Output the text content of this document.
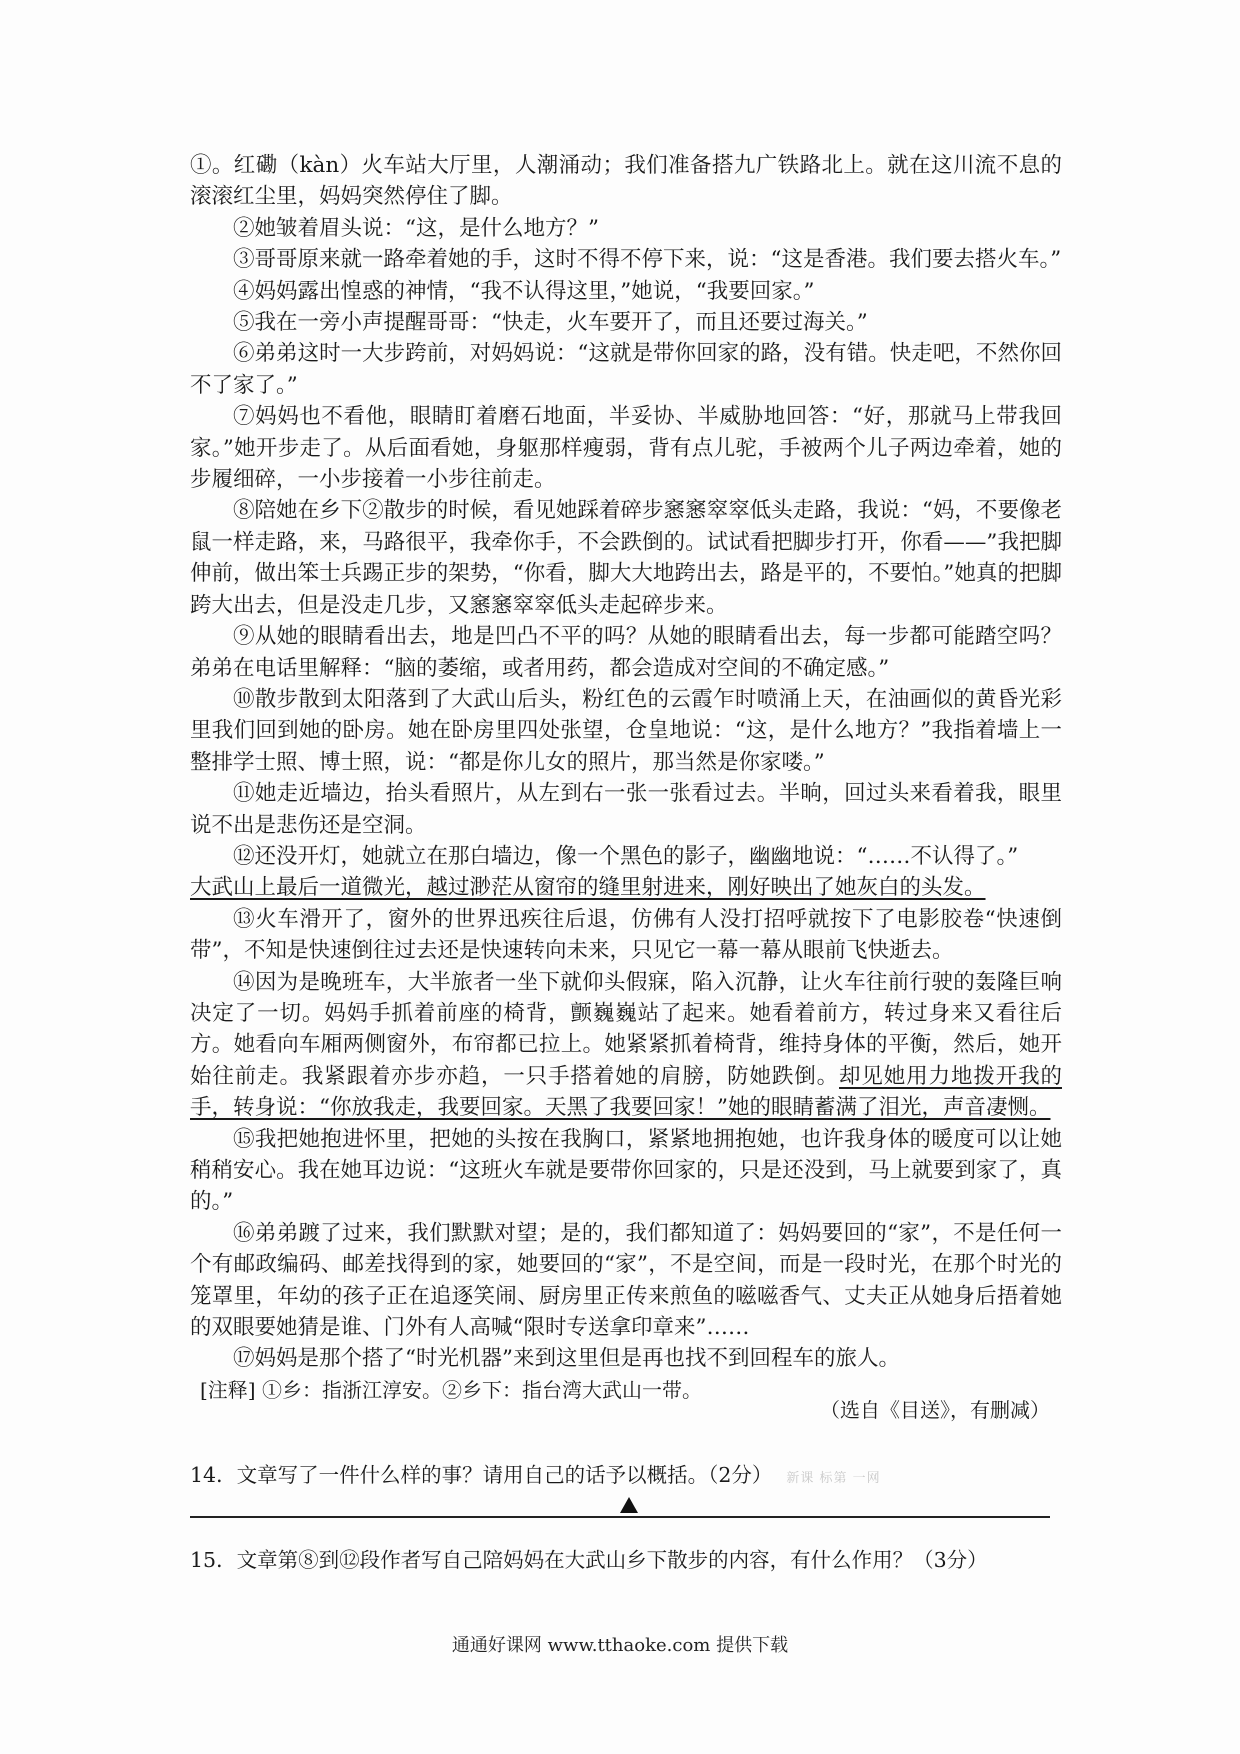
①。红磡（kàn）火车站大厅里，人潮涌动；我们准备搭九广铁路北上。就在这川流不息的滚滚红尘里，妈妈突然停住了脚。

②她皱着眉头说：“这，是什么地方？”

③哥哥原来就一路牵着她的手，这时不得不停下来，说：“这是香港。我们要去搭火车。”

④妈妈露出惶惑的神情，“我不认得这里，”她说，“我要回家。”

⑤我在一旁小声提醒哥哥：“快走，火车要开了，而且还要过海关。”

⑥弟弟这时一大步跨前，对妈妈说：“这就是带你回家的路，没有错。快走吧，不然你回不了家了。”

⑦妈妈也不看他，眼睛盯着磨石地面，半妥协、半威胁地回答：“好，那就马上带我回家。”她开步走了。从后面看她，身躯那样瘦弱，背有点儿驼，手被两个儿子两边牵着，她的步履细碎，一小步接着一小步往前走。

⑧陪她在乡下②散步的时候，看见她踩着碎步窸窸窣窣低头走路，我说：“妈，不要像老鼠一样走路，来，马路很平，我牵你手，不会跌倒的。试试看把脚步打开，你看——”我把脚伸前，做出笨士兵踢正步的架势，“你看，脚大大地跨出去，路是平的，不要怕。”她真的把脚跨大出去，但是没走几步，又窸窸窣窣低头走起碎步来。

⑨从她的眼睛看出去，地是凹凸不平的吗？从她的眼睛看出去，每一步都可能踏空吗？弟弟在电话里解释：“脑的萎缩，或者用药，都会造成对空间的不确定感。”

⑩散步散到太阳落到了大武山后头，粉红色的云霞乍时喷涌上天，在油画似的黄昏光彩里我们回到她的卧房。她在卧房里四处张望，仓皇地说：“这，是什么地方？”我指着墙上一整排学士照、博士照，说：“都是你儿女的照片，那当然是你家喽。”

⑪她走近墙边，抬头看照片，从左到右一张一张看过去。半晌，回过头来看着我，眼里说不出是悲伤还是空洞。

⑫还没开灯，她就立在那白墙边，像一个黑色的影子，幽幽地说：“……不认得了。”

大武山上最后一道微光，越过渺茫从窗帘的缝里射进来，刚好映出了她灰白的头发。

⑬火车滑开了，窗外的世界迅疾往后退，仿佛有人没打招呼就按下了电影胶卷“快速倒带”，不知是快速倒往过去还是快速转向未来，只见它一幕一幕从眼前飞快逝去。

⑭因为是晚班车，大半旅者一坐下就仰头假寐，陷入沉静，让火车往前行驶的轰隆巨响决定了一切。妈妈手抓着前座的椅背，颤巍巍站了起来。她看着前方，转过身来又看往后方。她看向车厢两侧窗外，布帘都已拉上。她紧紧抓着椅背，维持身体的平衡，然后，她开始往前走。我紧跟着亦步亦趋，一只手搭着她的肩膀，防她跌倒。却见她用力地拨开我的手，转身说：“你放我走，我要回家。天黑了我要回家！”她的眼睛蓄满了泪光，声音凄恻。

⑮我把她抱进怀里，把她的头按在我胸口，紧紧地拥抱她，也许我身体的暖度可以让她稍稍安心。我在她耳边说：“这班火车就是要带你回家的，只是还没到，马上就要到家了，真的。”

⑯弟弟踱了过来，我们默默对望；是的，我们都知道了：妈妈要回的“家”，不是任何一个有邮政编码、邮差找得到的家，她要回的“家”，不是空间，而是一段时光，在那个时光的笼罩里，年幼的孩子正在追逐笑闹、厨房里正传来煎鱼的嗞嗞香气、丈夫正从她身后捂着她的双眼要她猜是谁、门外有人高喊“限时专送拿印章来”……

⑰妈妈是那个搭了“时光机器”来到这里但是再也找不到回程车的旅人。

[注释] ①乡：指浙江淳安。②乡下：指台湾大武山一带。

（选自《目送》，有删减）
14．文章写了一件什么样的事？请用自己的话予以概括。（2分） 新课 标第 一网
15．文章第⑧到⑫段作者写自己陪妈妈在大武山乡下散步的内容，有什么作用？（3分）
通通好课网 www.tthaoke.com 提供下载
